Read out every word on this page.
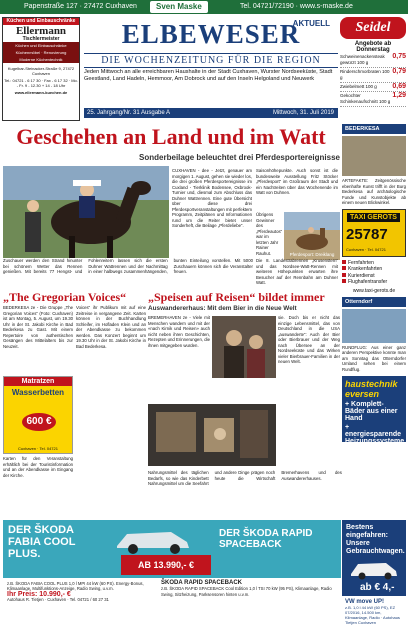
Papenstraße 127 · 27472 Cuxhaven	Sven Maske	Tel. 04721/72190 · www.s-maske.de
Küchen und Einbauschränke
Ellermann
Tischlermeister
Küchen und Einbauschränke
Küchenmöbel · Renovierung
Moderne Küchentechnik
Kugelbar-Steinacker-Straße 9, 27472 Cuxhaven
Tel.: 04721 - 6 17 30 · Fax - 6 17 32 · Mo. - Fr. 9 - 12.30 + 14 - 18 Uhr
www.ellermann-kuechen.de
ELBEWESER
AKTUELL
DIE WOCHENZEITUNG FÜR DIE REGION
Jeden Mittwoch an alle erreichbaren Haushalte in der Stadt Cuxhaven, Wurster Nordseeküste, Stadt Geestland, Land Hadeln, Hemmoor, Am Dobrock und auf den Inseln Helgoland und Neuwerk
25. Jahrgang/Nr. 31 Ausgabe A	Mittwoch, 31. Juli 2019
Seidel
Angebote ab Donnerstag
Schweinenackensteak gewürzt 100 g
0,75
Rinderschmorbraten 100 g
0,79
Zwiebelmett 100 g 0,69
Gekochter Schinkenaufschnitt 100 g
1,29
Geschehen an Land und im Watt
Sonderbeilage beleuchtet drei Pferdesportereignisse
CUXHAVEN - dee - Jetzt, genauer am morgigen 1. August, gehen sie wieder los, die drei großen Pferdesportereignisse im Cuxland - Tierklinik Bodensee, Oxbrook-Turnier und, diesmal zum Abschluss das Duhner Wattrennen. Eine gute Übersicht über diese drei Pferdesportveranstaltungen mit perfektem Programm, Zeitplänen und Informationen rund um die Reiter bietet unser Sonderheft, die Beilage „Pferdeliebe“.
Saisonhöhepunkte. Auch sonst ist die bundesweite Ausstellung Fritz Stöcker „Pferdesport“ im Großraum der Stadt und ein Nachtreiten über das Wochenende im Watt von Duhnen.
Übrigens Gewinner des „Pferdeautos“ war im letzten Jahr Rainer Rauhut.	Pferdesport: Dreiklang
Die 8. Landestrabrennen „Krusenstern“ und das Nordsee-Watt-Rennen mit weiteren Höhepunkten erwarten ihre Besucher auf der Rennbahn am Duhner Watt.
Zuschauer werden den Strand hinunter bei schönem Wetter das Rennen genießen. Mit bereits 77 Hengst- und Fohlenreitern lassen sich die ersten Duhner Wattrennen und der Nachmittag in einer halbwegs zusammenhängenden, bunten Einteilung vorstellen. Mit 5000 Zuschauern können sich die Veranstalter freuen.
BEDERKESA
ARTEFAKTE: Zeitgenössische ebenhafte Kunst trifft in der Burg Bederkesa auf archäologische Funde und Kunstobjekte ab einem neuen Blickwinkel.
TAXI GEROTS
25787
Cuxhaven · Tel. 04721
Fernfahrten
Krankenfahrten
Kurierdienst
Flughafentransfer
www.taxi-gerots.de
Otterndorf
RUNDFLUG: Aus einer ganz anderen Perspektive konnte man am Sonntag das Otterndorfer Umland sehen bei einem Rundflug.
haustechnik eversen
+ Komplett-Bäder aus einer Hand
+ energiesparende Heizungssysteme
Cuxhaven, Meyerstraße 26 · Telefon 04721 4 05 20 · www.haustechnik-eversen.de
„The Gregorian Voices“
BEDERKESA ze - Die Gruppe „The Gregorian Voices“ (Foto: Cuxhaven) ist am Montag, 5. August, um 19.30 Uhr in der St. Jakobi Kirche in Bad Bederkesa zu Gast. Mit einem Repertoire von authentischen Gesängen des Mittelalters bis zur Neuzeit.
Matratzen
Wasserbetten
600 €
Cuxhaven · Tel. 04721
Karten für den Veranstaltung erhältlich bei der Touristinformation und an der Abendkasse im Eingang der Kirche.
Voices“ ihr Publikum mit auf eine Zeitreise in vergangene Zeit. Karten können in der Buchhandlung Schleifer, im Hofladen Klein und an der Abendkasse zu bekommen werden. Das Konzert beginnt um 19.30 Uhr in der St. Jakobi Kirche in Bad Bederkesa.
„Speisen auf Reisen“ bildet immer
Auswandererhaus: Mit dem Bier in die Neue Welt
BREMERHAVEN ze - Viele mit Menschen wandern und mit der «nach Kirnik und Reisen» auch nicht neben ihren Geschichten, Rezepten und Erinnerungen, die ihnen mitgegeben wurden.
sie. Doch bis er nicht das einzige Lebensmittel, das von Deutschland in die USA „auswanderte“: Auch der Bier oder Bierbrauer und der Weg nach Übersee an der Nordseeküste und das Wirken vieler Bierbrauer-Familien in der neuen Welt.
Nahrungsmittel des täglichen Bedarfs, so wie das Kinderbett Nahrungsmittel um die Seefahrt und andere Dinge prägen noch heute die Wirtschaft Bremerhavens und des Auswandererhauses.
DER ŠKODA FABIA COOL PLUS.
AB 13.990,- €
DER ŠKODA RAPID SPACEBACK
z.B. ŠKODA FABIA COOL PLUS 1,0 l MPI 44 kW (60 PS). Energy-Bonus, Klimaanlage, Multifunktions-Anzeige, Radio Swing, u.v.m.
Ihr Preis: 10.990,- €
Autohaus R. Tietjen · Cuxhaven · Tel. 04721 / 60 27 31
ŠKODA RAPID SPACEBACK
z.B. ŠKODA RAPID SPACEBACK Cool Edition 1,0 l TSI 70 kW (95 PS), Klimaanlage, Radio Swing, Sitzheizung, Parksensoren hinten u.v.m.
Bestens eingefahren: Unsere Gebrauchtwagen.
ab € 4,-
VW move UP!
z.B. 1,0 l 44 kW (60 PS), EZ 07/2016, 14.500 km, Klimaanlage, Radio · Autohaus Tietjen Cuxhaven
